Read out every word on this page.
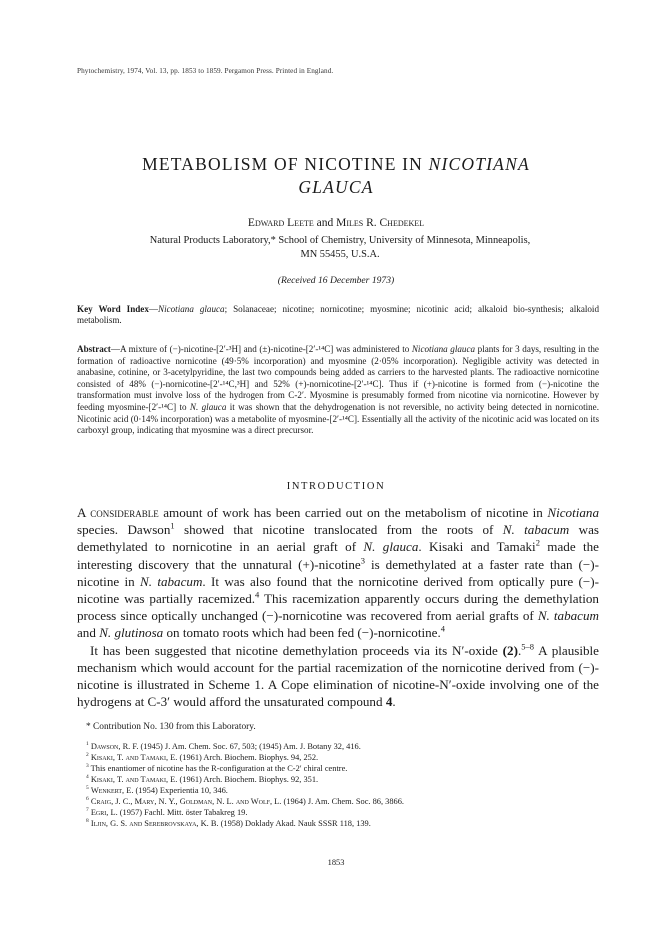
Phytochemistry, 1974, Vol. 13, pp. 1853 to 1859. Pergamon Press. Printed in England.
METABOLISM OF NICOTINE IN NICOTIANA
GLAUCA
Edward Leete and Miles R. Chedekel
Natural Products Laboratory,* School of Chemistry, University of Minnesota, Minneapolis,
MN 55455, U.S.A.
(Received 16 December 1973)
Key Word Index—Nicotiana glauca; Solanaceae; nicotine; nornicotine; myosmine; nicotinic acid; alkaloid bio-synthesis; alkaloid metabolism.
Abstract—A mixture of (−)-nicotine-[2′-³H] and (±)-nicotine-[2′-¹⁴C] was administered to Nicotiana glauca plants for 3 days, resulting in the formation of radioactive nornicotine (49·5% incorporation) and myosmine (2·05% incorporation). Negligible activity was detected in anabasine, cotinine, or 3-acetylpyridine, the last two compounds being added as carriers to the harvested plants. The radioactive nornicotine consisted of 48% (−)-nornicotine-[2′-¹⁴C,³H] and 52% (+)-nornicotine-[2′-¹⁴C]. Thus if (+)-nicotine is formed from (−)-nicotine the transformation must involve loss of the hydrogen from C-2′. Myosmine is presumably formed from nicotine via nornicotine. However by feeding myosmine-[2′-¹⁴C] to N. glauca it was shown that the dehydrogenation is not reversible, no activity being detected in nornicotine. Nicotinic acid (0·14% incorporation) was a metabolite of myosmine-[2′-¹⁴C]. Essentially all the activity of the nicotinic acid was located on its carboxyl group, indicating that myosmine was a direct precursor.
INTRODUCTION

A considerable amount of work has been carried out on the metabolism of nicotine in Nicotiana species. Dawson$^1$ showed that nicotine translocated from the roots of N. tabacum was demethylated to nornicotine in an aerial graft of N. glauca. Kisaki and Tamaki$^2$ made the interesting discovery that the unnatural (+)-nicotine$^3$ is demethylated at a faster rate than (−)-nicotine in N. tabacum. It was also found that the nornicotine derived from optically pure (−)-nicotine was partially racemized.$^4$ This racemization apparently occurs during the demethylation process since optically unchanged (−)-nornicotine was recovered from aerial grafts of N. tabacum and N. glutinosa on tomato roots which had been fed (−)-nornicotine.$^4$

It has been suggested that nicotine demethylation proceeds via its N′-oxide (2).$^{5-8}$ A plausible mechanism which would account for the partial racemization of the nornicotine derived from (−)-nicotine is illustrated in Scheme 1. A Cope elimination of nicotine-N′-oxide involving one of the hydrogens at C-3′ would afford the unsaturated compound 4.

* Contribution No. 130 from this Laboratory.
$^1$ Dawson, R. F. (1945) J. Am. Chem. Soc. 67, 503; (1945) Am. J. Botany 32, 416.
$^2$ Kisaki, T. and Tamaki, E. (1961) Arch. Biochem. Biophys. 94, 252.
$^3$ This enantiomer of nicotine has the R-configuration at the C-2′ chiral centre.
$^4$ Kisaki, T. and Tamaki, E. (1961) Arch. Biochem. Biophys. 92, 351.
$^5$ Wenkert, E. (1954) Experientia 10, 346.
$^6$ Craig, J. C., Mary, N. Y., Goldman, N. L. and Wolf, L. (1964) J. Am. Chem. Soc. 86, 3866.
$^7$ Egri, L. (1957) Fachl. Mitt. öster Tabakreg 19.
$^8$ Iljin, G. S. and Serebrovskaya, K. B. (1958) Doklady Akad. Nauk SSSR 118, 139.
1853
